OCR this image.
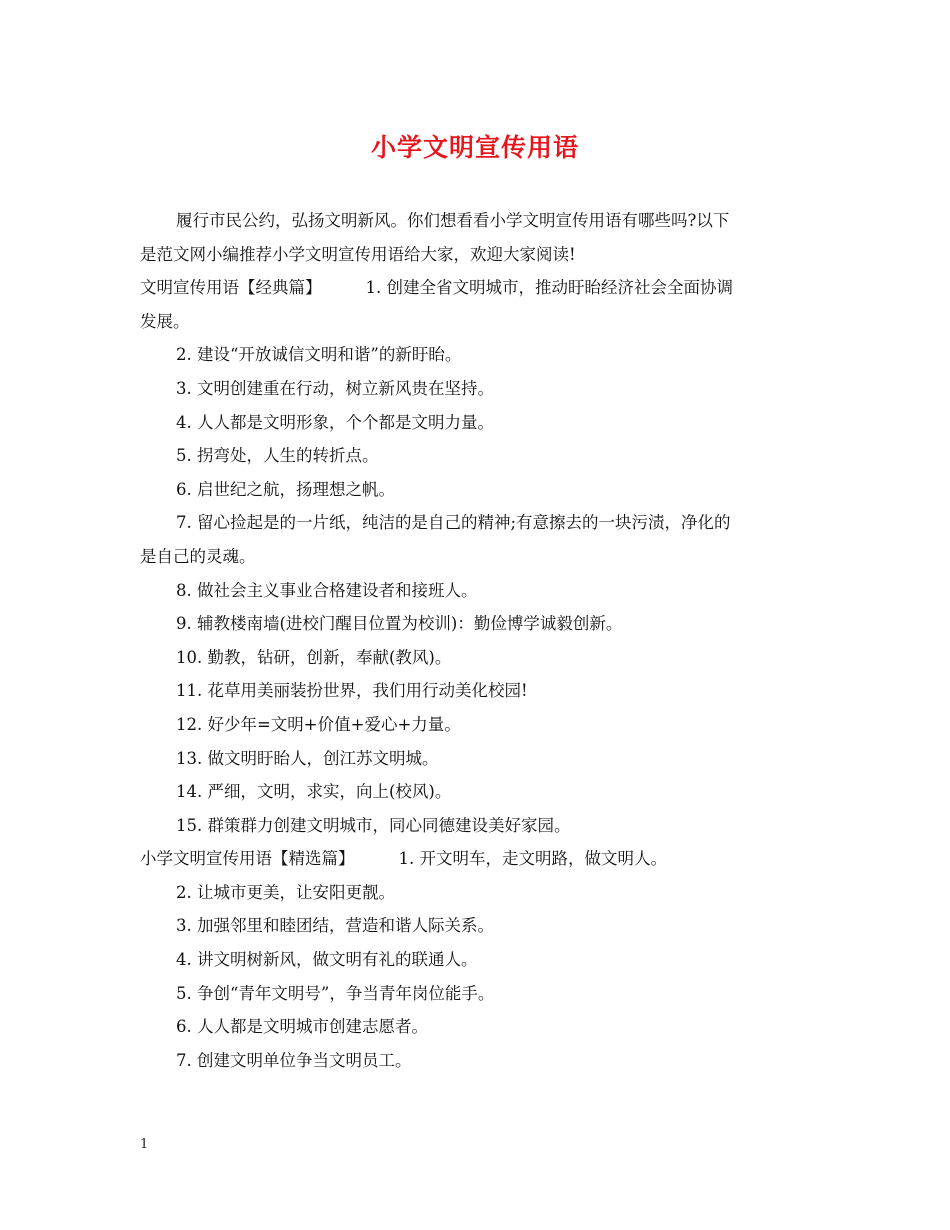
小学文明宣传用语
履行市民公约，弘扬文明新风。你们想看看小学文明宣传用语有哪些吗?以下
是范文网小编推荐小学文明宣传用语给大家，欢迎大家阅读!
文明宣传用语【经典篇】	1. 创建全省文明城市，推动盱眙经济社会全面协调
发展。
2. 建设“开放诚信文明和谐”的新盱眙。
3. 文明创建重在行动，树立新风贵在坚持。
4. 人人都是文明形象，个个都是文明力量。
5. 拐弯处，人生的转折点。
6. 启世纪之航，扬理想之帆。
7. 留心捡起是的一片纸，纯洁的是自己的精神;有意擦去的一块污渍，净化的
是自己的灵魂。
8. 做社会主义事业合格建设者和接班人。
9. 辅教楼南墙(进校门醒目位置为校训)：勤俭博学诚毅创新。
10. 勤教，钻研，创新，奉献(教风)。
11. 花草用美丽装扮世界，我们用行动美化校园!
12. 好少年=文明+价值+爱心+力量。
13. 做文明盱眙人，创江苏文明城。
14. 严细，文明，求实，向上(校风)。
15. 群策群力创建文明城市，同心同德建设美好家园。
小学文明宣传用语【精选篇】	1. 开文明车，走文明路，做文明人。
2. 让城市更美，让安阳更靓。
3. 加强邻里和睦团结，营造和谐人际关系。
4. 讲文明树新风，做文明有礼的联通人。
5. 争创“青年文明号”，争当青年岗位能手。
6. 人人都是文明城市创建志愿者。
7. 创建文明单位争当文明员工。
1
